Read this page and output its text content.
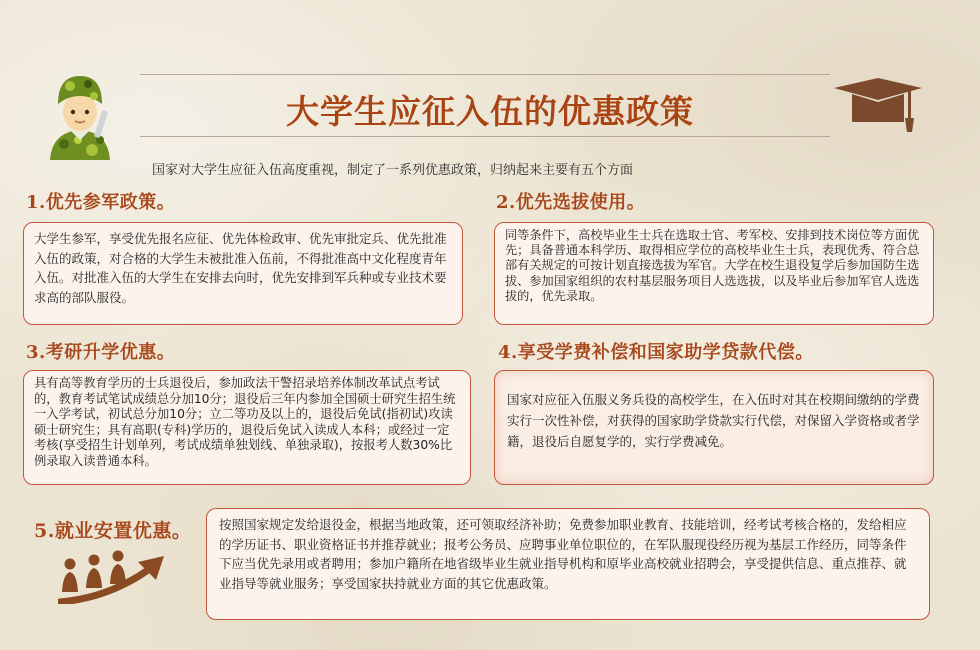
大学生应征入伍的优惠政策
国家对大学生应征入伍高度重视，制定了一系列优惠政策，归纳起来主要有五个方面
1.优先参军政策。
大学生参军，享受优先报名应征、优先体检政审、优先审批定兵、优先批准入伍的政策，对合格的大学生未被批准入伍前，不得批准高中文化程度青年入伍。对批准入伍的大学生在安排去向时，优先安排到军兵种或专业技术要求高的部队服役。
2.优先选拔使用。
同等条件下，高校毕业生士兵在选取士官、考军校、安排到技术岗位等方面优先；具备普通本科学历、取得相应学位的高校毕业生士兵，表现优秀、符合总部有关规定的可按计划直接选拔为军官。大学在校生退役复学后参加国防生选拔、参加国家组织的农村基层服务项目人选选拔，以及毕业后参加军官人选选拔的，优先录取。
3.考研升学优惠。
具有高等教育学历的士兵退役后，参加政法干警招录培养体制改革试点考试的，教育考试笔试成绩总分加10分；退役后三年内参加全国硕士研究生招生统一入学考试，初试总分加10分；立二等功及以上的，退役后免试(指初试)攻读硕士研究生；具有高职(专科)学历的，退役后免试入读成人本科；或经过一定考核(享受招生计划单列，考试成绩单独划线、单独录取)，按报考人数30%比例录取入读普通本科。
4.享受学费补偿和国家助学贷款代偿。
国家对应征入伍服义务兵役的高校学生，在入伍时对其在校期间缴纳的学费实行一次性补偿，对获得的国家助学贷款实行代偿，对保留入学资格或者学籍，退役后自愿复学的，实行学费减免。
5.就业安置优惠。	按照国家规定发给退役金，根据当地政策，还可领取经济补助；免费参加职业教育、技能培训，经考试考核合格的，发给相应的学历证书、职业资格证书并推荐就业；报考公务员、应聘事业单位职位的，在军队服现役经历视为基层工作经历，同等条件下应当优先录用或者聘用；参加户籍所在地省级毕业生就业指导机构和原毕业高校就业招聘会，享受提供信息、重点推荐、就业指导等就业服务；享受国家扶持就业方面的其它优惠政策。
